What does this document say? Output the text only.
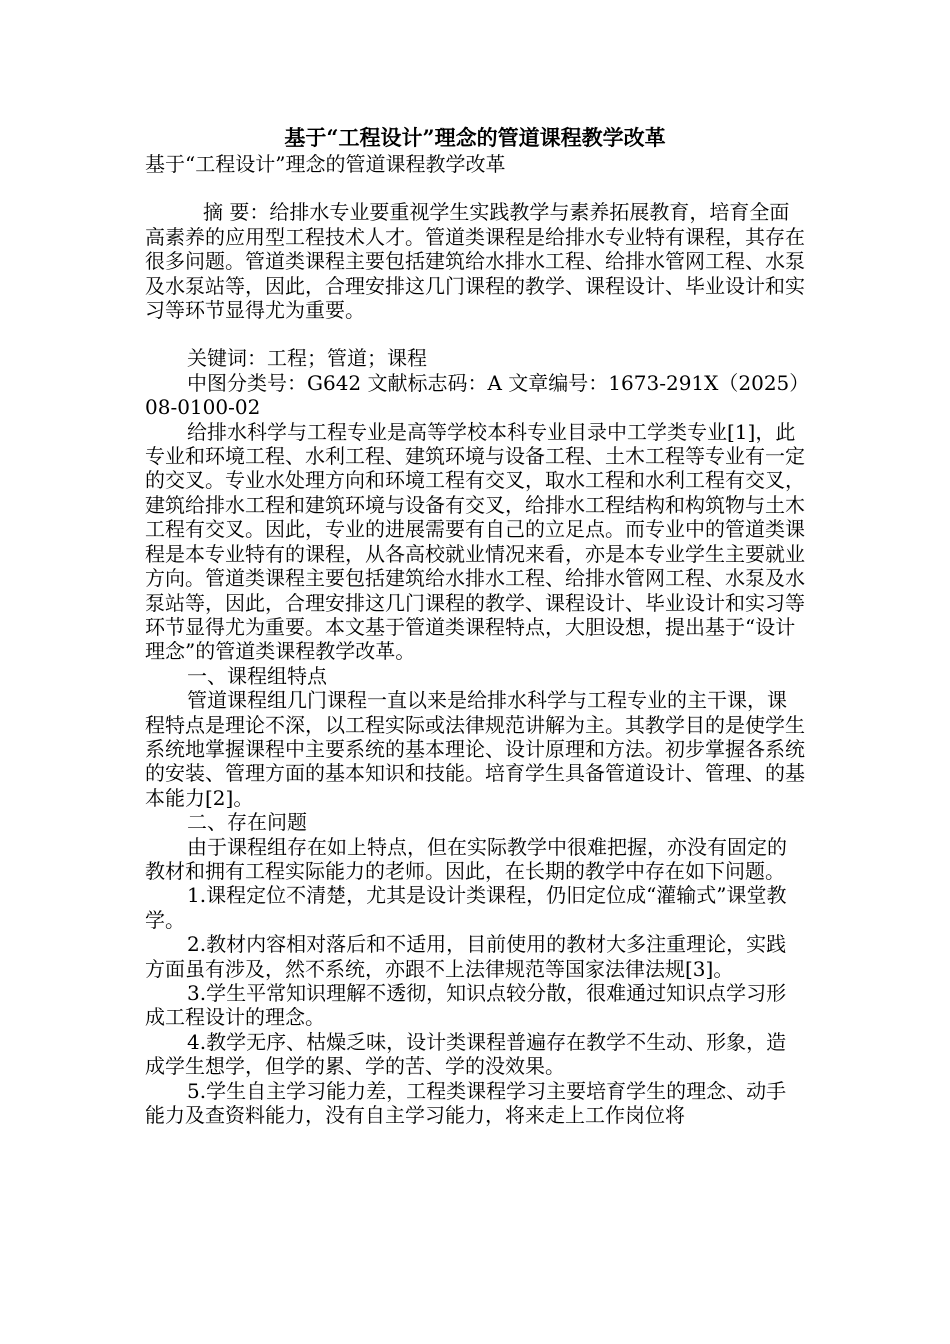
基于“工程设计”理念的管道课程教学改革

基于“工程设计”理念的管道课程教学改革

摘 要：给排水专业要重视学生实践教学与素养拓展教育，培育全面高素养的应用型工程技术人才。管道类课程是给排水专业特有课程，其存在很多问题。管道类课程主要包括建筑给水排水工程、给排水管网工程、水泵及水泵站等，因此，合理安排这几门课程的教学、课程设计、毕业设计和实习等环节显得尤为重要。

关键词：工程；管道；课程

中图分类号：G642 文献标志码：A 文章编号：1673-291X（2025）08-0100-02

给排水科学与工程专业是高等学校本科专业目录中工学类专业[1]，此专业和环境工程、水利工程、建筑环境与设备工程、土木工程等专业有一定的交叉。专业水处理方向和环境工程有交叉，取水工程和水利工程有交叉，建筑给排水工程和建筑环境与设备有交叉，给排水工程结构和构筑物与土木工程有交叉。因此，专业的进展需要有自己的立足点。而专业中的管道类课程是本专业特有的课程，从各高校就业情况来看，亦是本专业学生主要就业方向。管道类课程主要包括建筑给水排水工程、给排水管网工程、水泵及水泵站等，因此，合理安排这几门课程的教学、课程设计、毕业设计和实习等环节显得尤为重要。本文基于管道类课程特点，大胆设想，提出基于“设计理念”的管道类课程教学改革。

一、课程组特点

管道课程组几门课程一直以来是给排水科学与工程专业的主干课，课程特点是理论不深，以工程实际或法律规范讲解为主。其教学目的是使学生系统地掌握课程中主要系统的基本理论、设计原理和方法。初步掌握各系统的安装、管理方面的基本知识和技能。培育学生具备管道设计、管理、的基本能力[2]。

二、存在问题

由于课程组存在如上特点，但在实际教学中很难把握，亦没有固定的教材和拥有工程实际能力的老师。因此，在长期的教学中存在如下问题。

1.课程定位不清楚，尤其是设计类课程，仍旧定位成“灌输式”课堂教学。

2.教材内容相对落后和不适用，目前使用的教材大多注重理论，实践方面虽有涉及，然不系统，亦跟不上法律规范等国家法律法规[3]。

3.学生平常知识理解不透彻，知识点较分散，很难通过知识点学习形成工程设计的理念。

4.教学无序、枯燥乏味，设计类课程普遍存在教学不生动、形象，造成学生想学，但学的累、学的苦、学的没效果。

5.学生自主学习能力差，工程类课程学习主要培育学生的理念、动手能力及查资料能力，没有自主学习能力，将来走上工作岗位将
